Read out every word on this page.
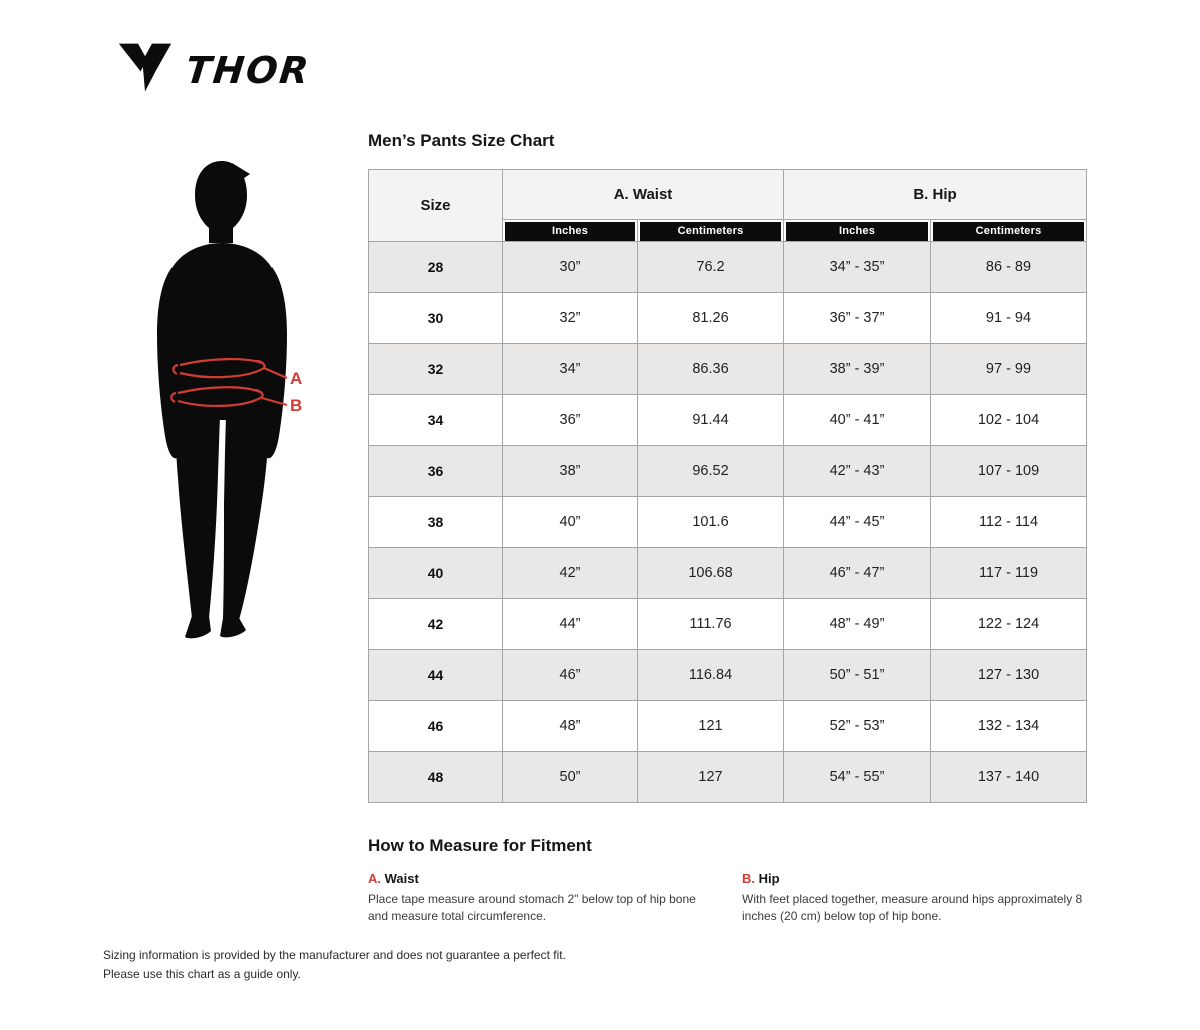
THOR
A
B
Men’s Pants Size Chart
Size	A. Waist		B. Hip	

	Inches	Centimeters	Inches	Centimeters

28	30”	76.2	34” - 35”	86 - 89
30	32”	81.26	36” - 37”	91 - 94
32	34”	86.36	38” - 39”	97 - 99
34	36”	91.44	40” - 41”	102 - 104
36	38”	96.52	42” - 43”	107 - 109
38	40”	101.6	44” - 45”	112 - 114
40	42”	106.68	46” - 47”	117 - 119
42	44”	111.76	48” - 49”	122 - 124
44	46”	116.84	50” - 51”	127 - 130
46	48”	121	52” - 53”	132 - 134
48	50”	127	54” - 55”	137 - 140
How to Measure for Fitment
A. Waist

Place tape measure around stomach 2" below top of hip bone and measure total circumference.

B. Hip

With feet placed together, measure around hips approximately 8 inches (20 cm) below top of hip bone.

Sizing information is provided by the manufacturer and does not guarantee a perfect fit.
Please use this chart as a guide only.
